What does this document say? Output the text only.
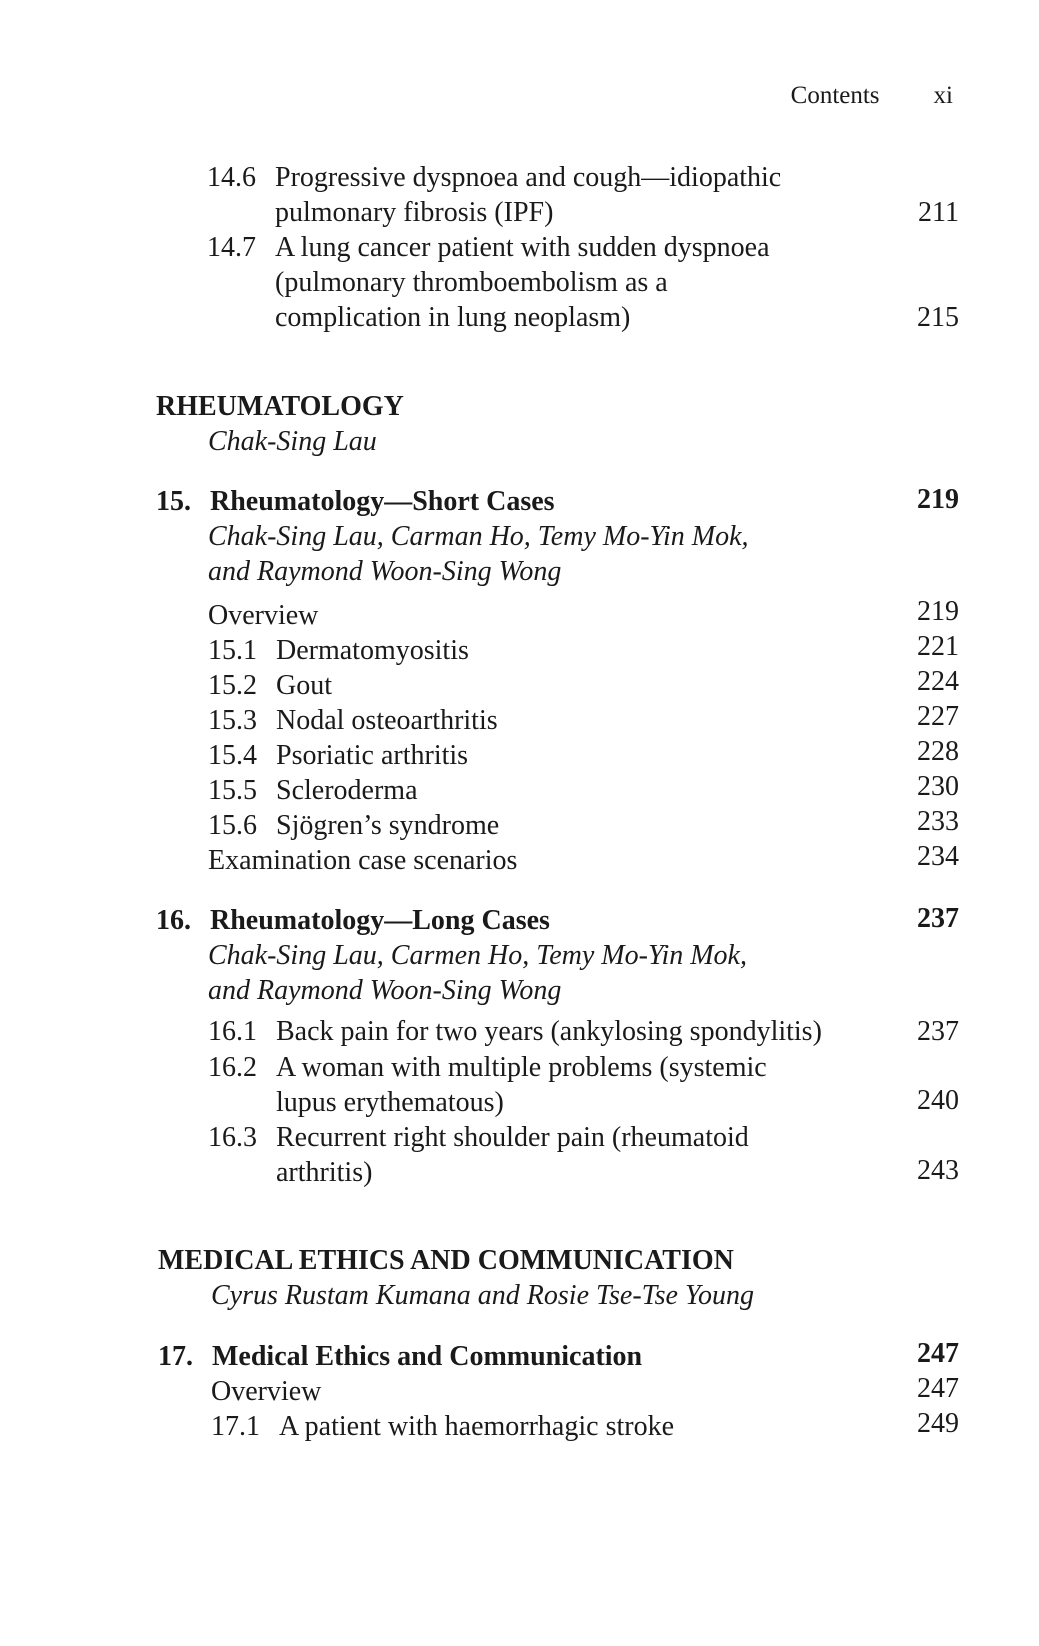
Contents xi
14.6 Progressive dyspnoea and cough—idiopathic
pulmonary fibrosis (IPF)	211
14.7 A lung cancer patient with sudden dyspnoea
(pulmonary thromboembolism as a
complication in lung neoplasm)	215
RHEUMATOLOGY
Chak-Sing Lau
15. Rheumatology—Short Cases	219
Chak-Sing Lau, Carman Ho, Temy Mo-Yin Mok,
and Raymond Woon-Sing Wong
Overview	219
15.1 Dermatomyositis	221
15.2 Gout	224
15.3 Nodal osteoarthritis	227
15.4 Psoriatic arthritis	228
15.5 Scleroderma	230
15.6 Sjögren’s syndrome	233
Examination case scenarios	234
16. Rheumatology—Long Cases	237
Chak-Sing Lau, Carmen Ho, Temy Mo-Yin Mok,
and Raymond Woon-Sing Wong
16.1 Back pain for two years (ankylosing spondylitis)	237
16.2 A woman with multiple problems (systemic
lupus erythematous)	240
16.3 Recurrent right shoulder pain (rheumatoid
arthritis)	243
MEDICAL ETHICS AND COMMUNICATION
Cyrus Rustam Kumana and Rosie Tse-Tse Young
17. Medical Ethics and Communication	247
Overview	247
17.1 A patient with haemorrhagic stroke	249
